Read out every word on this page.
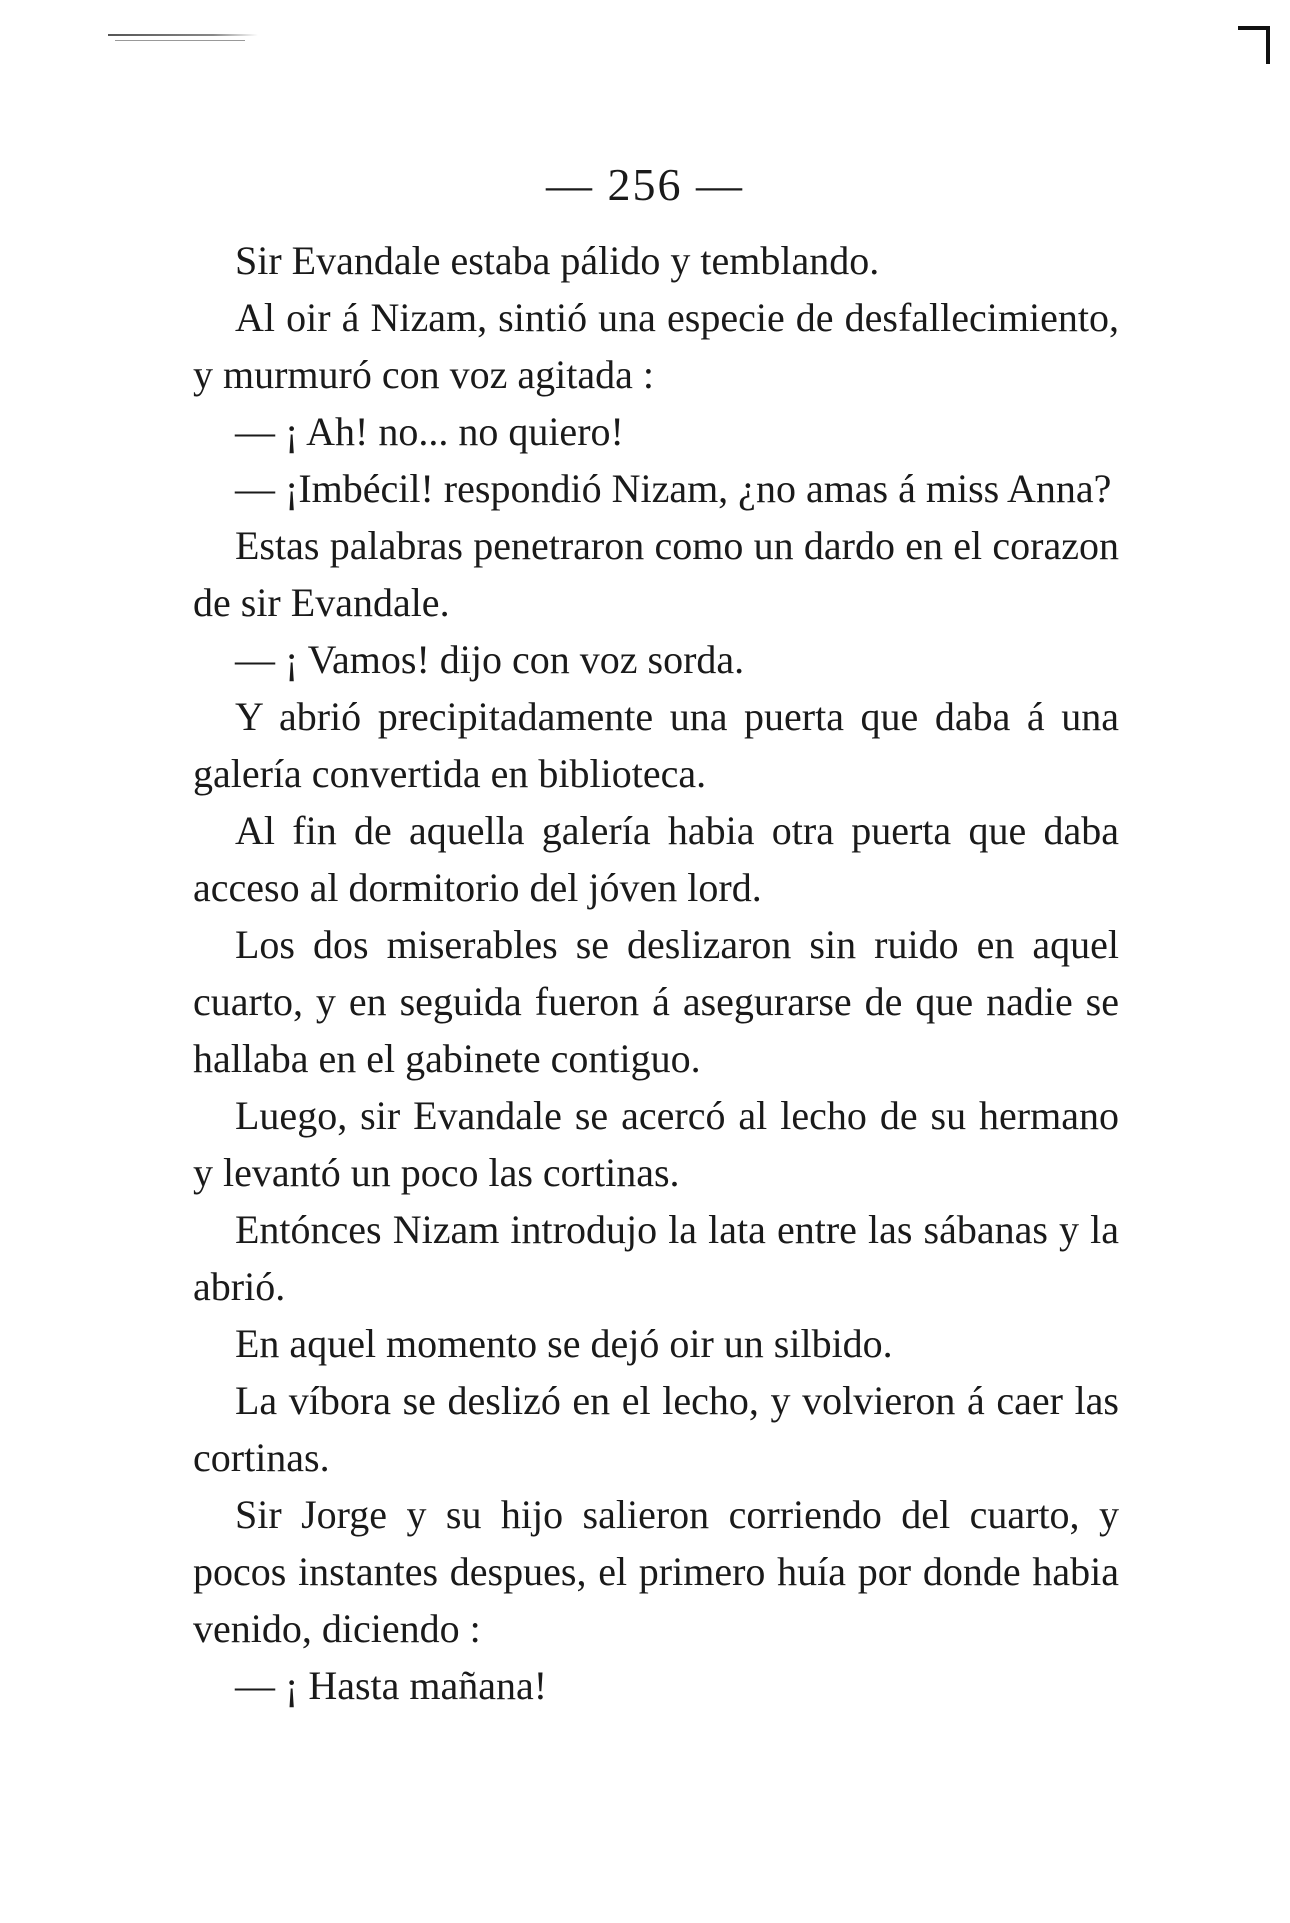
— 256 —

Sir Evandale estaba pálido y temblando.

Al oir á Nizam, sintió una especie de desfallecimiento, y murmuró con voz agitada :

— ¡ Ah! no... no quiero!

— ¡Imbécil! respondió Nizam, ¿no amas á miss Anna?

Estas palabras penetraron como un dardo en el corazon de sir Evandale.

— ¡ Vamos! dijo con voz sorda.

Y abrió precipitadamente una puerta que daba á una galería convertida en biblioteca.

Al fin de aquella galería habia otra puerta que daba acceso al dormitorio del jóven lord.

Los dos miserables se deslizaron sin ruido en aquel cuarto, y en seguida fueron á asegurarse de que nadie se hallaba en el gabinete contiguo.

Luego, sir Evandale se acercó al lecho de su hermano y levantó un poco las cortinas.

Entónces Nizam introdujo la lata entre las sábanas y la abrió.

En aquel momento se dejó oir un silbido.

La víbora se deslizó en el lecho, y volvieron á caer las cortinas.

Sir Jorge y su hijo salieron corriendo del cuarto, y pocos instantes despues, el primero huía por donde habia venido, diciendo :

— ¡ Hasta mañana!
